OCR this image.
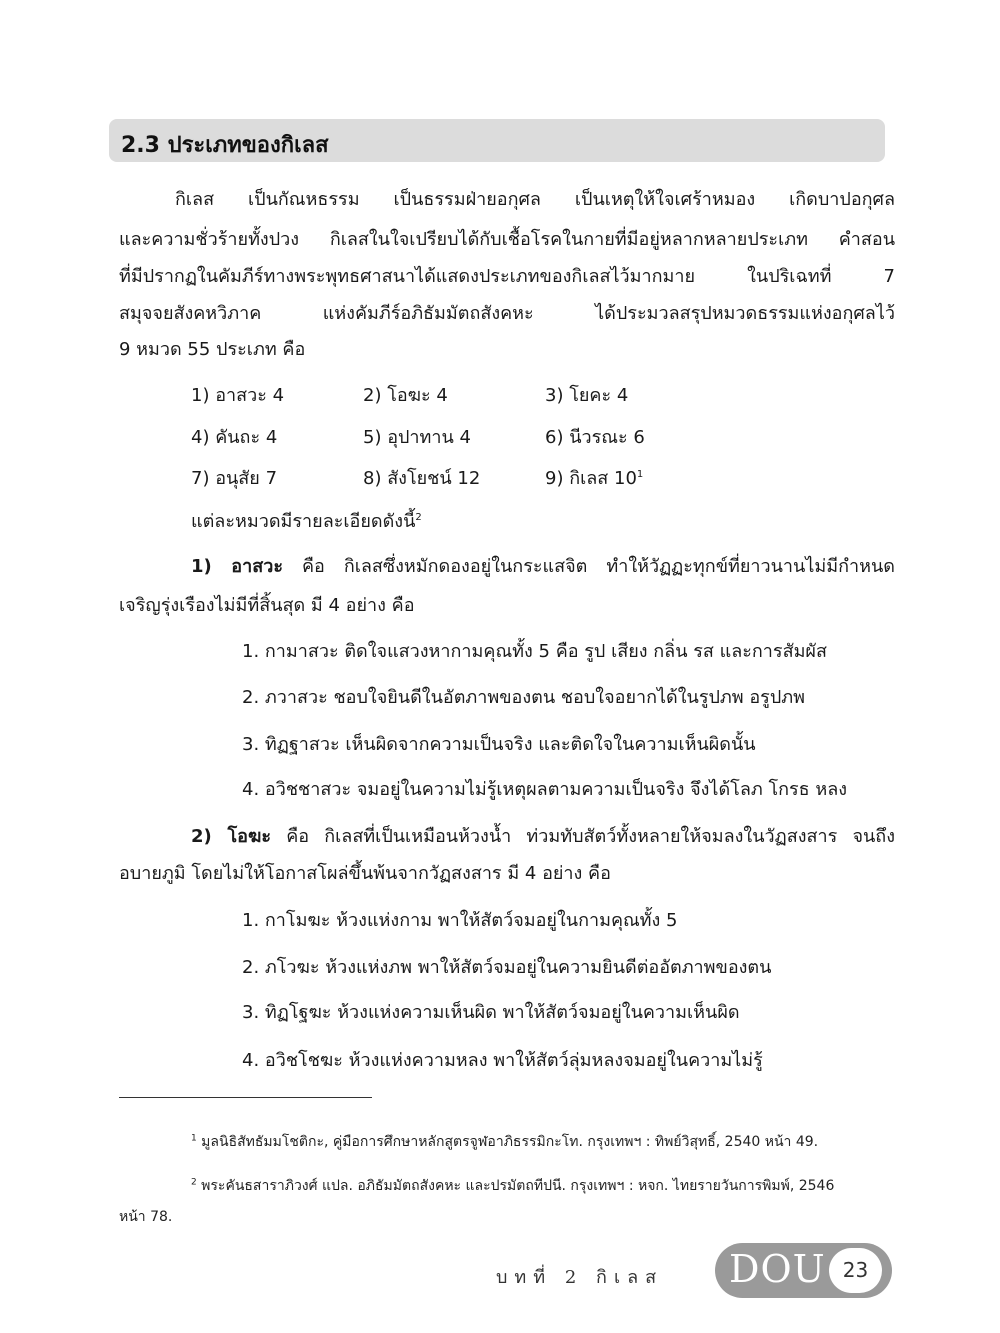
2.3 ประเภทของกิเลส
กิเลส เป็นกัณหธรรม เป็นธรรมฝ่ายอกุศล เป็นเหตุให้ใจเศร้าหมอง เกิดบาปอกุศล
และความชั่วร้ายทั้งปวง กิเลสในใจเปรียบได้กับเชื้อโรคในกายที่มีอยู่หลากหลายประเภท คำสอน
ที่มีปรากฏในคัมภีร์ทางพระพุทธศาสนาได้แสดงประเภทของกิเลสไว้มากมาย ในปริเฉทที่ 7
สมุจจยสังคหวิภาค แห่งคัมภีร์อภิธัมมัตถสังคหะ ได้ประมวลสรุปหมวดธรรมแห่งอกุศลไว้
9 หมวด 55 ประเภท คือ
1) อาสวะ 4	2) โอฆะ 4	3) โยคะ 4
4) คันถะ 4	5) อุปาทาน 4	6) นีวรณะ 6
7) อนุสัย 7	8) สังโยชน์ 12	9) กิเลส $10^1$
แต่ละหมวดมีรายละเอียดดังนี้$^2$
1) อาสวะ คือ กิเลสซึ่งหมักดองอยู่ในกระแสจิต ทำให้วัฏฏะทุกข์ที่ยาวนานไม่มีกำหนด
เจริญรุ่งเรืองไม่มีที่สิ้นสุด มี 4 อย่าง คือ
1. กามาสวะ ติดใจแสวงหากามคุณทั้ง 5 คือ รูป เสียง กลิ่น รส และการสัมผัส
2. ภวาสวะ ชอบใจยินดีในอัตภาพของตน ชอบใจอยากได้ในรูปภพ อรูปภพ
3. ทิฏฐาสวะ เห็นผิดจากความเป็นจริง และติดใจในความเห็นผิดนั้น
4. อวิชชาสวะ จมอยู่ในความไม่รู้เหตุผลตามความเป็นจริง จึงได้โลภ โกรธ หลง
2) โอฆะ คือ กิเลสที่เป็นเหมือนห้วงน้ำ ท่วมทับสัตว์ทั้งหลายให้จมลงในวัฏสงสาร จนถึง
อบายภูมิ โดยไม่ให้โอกาสโผล่ขึ้นพ้นจากวัฏสงสาร มี 4 อย่าง คือ
1. กาโมฆะ ห้วงแห่งกาม พาให้สัตว์จมอยู่ในกามคุณทั้ง 5
2. ภโวฆะ ห้วงแห่งภพ พาให้สัตว์จมอยู่ในความยินดีต่ออัตภาพของตน
3. ทิฏโฐฆะ ห้วงแห่งความเห็นผิด พาให้สัตว์จมอยู่ในความเห็นผิด
4. อวิชโชฆะ ห้วงแห่งความหลง พาให้สัตว์ลุ่มหลงจมอยู่ในความไม่รู้
$^1$ มูลนิธิสัทธัมมโชติกะ, คู่มือการศึกษาหลักสูตรจูฬอาภิธรรมิกะโท. กรุงเทพฯ : ทิพย์วิสุทธิ์, 2540 หน้า 49.
$^2$ พระคันธสาราภิวงศ์ แปล. อภิธัมมัตถสังคหะ และปรมัตถทีปนี. กรุงเทพฯ : หจก. ไทยรายวันการพิมพ์, 2546
หน้า 78.
บทที่ 2 กิเลส DOU 23
